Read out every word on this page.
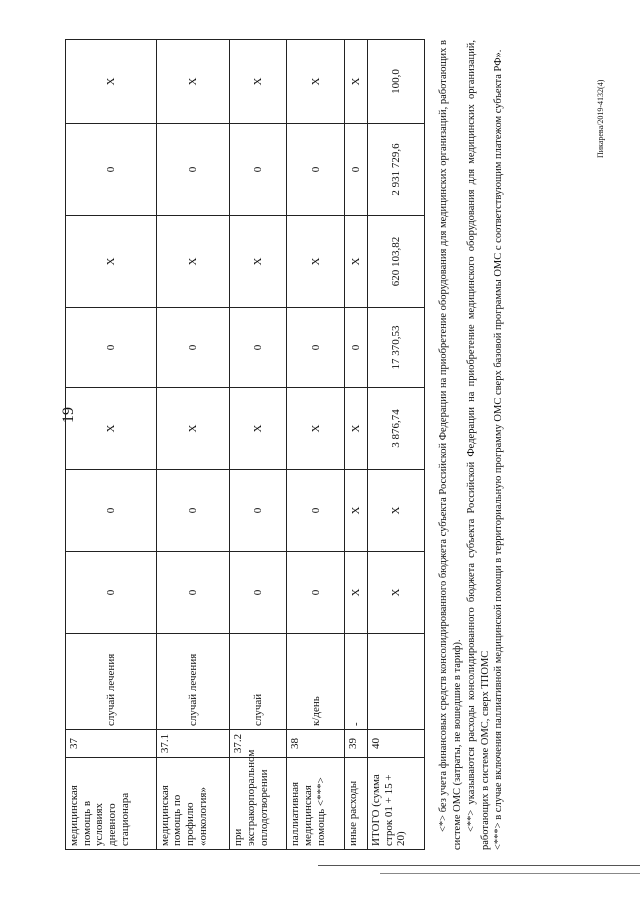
19
Пикарева/2019-4132(4)
медицинская помощь в условиях дневного стационара	37	случай лечения	0	0	X	0	X	0	X
медицинская помощь по профилю «онкология»	37.1	случай лечения	0	0	X	0	X	0	X
при экстракорпоральном оплодотворении	37.2	случай	0	0	X	0	X	0	X
паллиативная медицинская помощь <***>	38	к/день	0	0	X	0	X	0	X
иные расходы	39	-	X	X	X	0	X	0	X
ИТОГО (сумма строк 01 + 15 + 20)	40		X	X	3 876,74	17 370,53	620 103,82	2 931 729,6	100,0	<*> без учета финансовых средств консолидированного бюджета субъекта Российской Федерации на приобретение оборудования для медицинских организаций, работающих в системе ОМС (затраты, не вошедшие в тариф). <**> указываются расходы консолидированного бюджета субъекта Российской Федерации на приобретение медицинского оборудования для медицинских организаций, работающих в системе ОМС, сверх ТПОМС <***> в случае включения паллиативной медицинской помощи в территориальную программу ОМС сверх базовой программы ОМС с соответствующим платежом субъекта РФ».
